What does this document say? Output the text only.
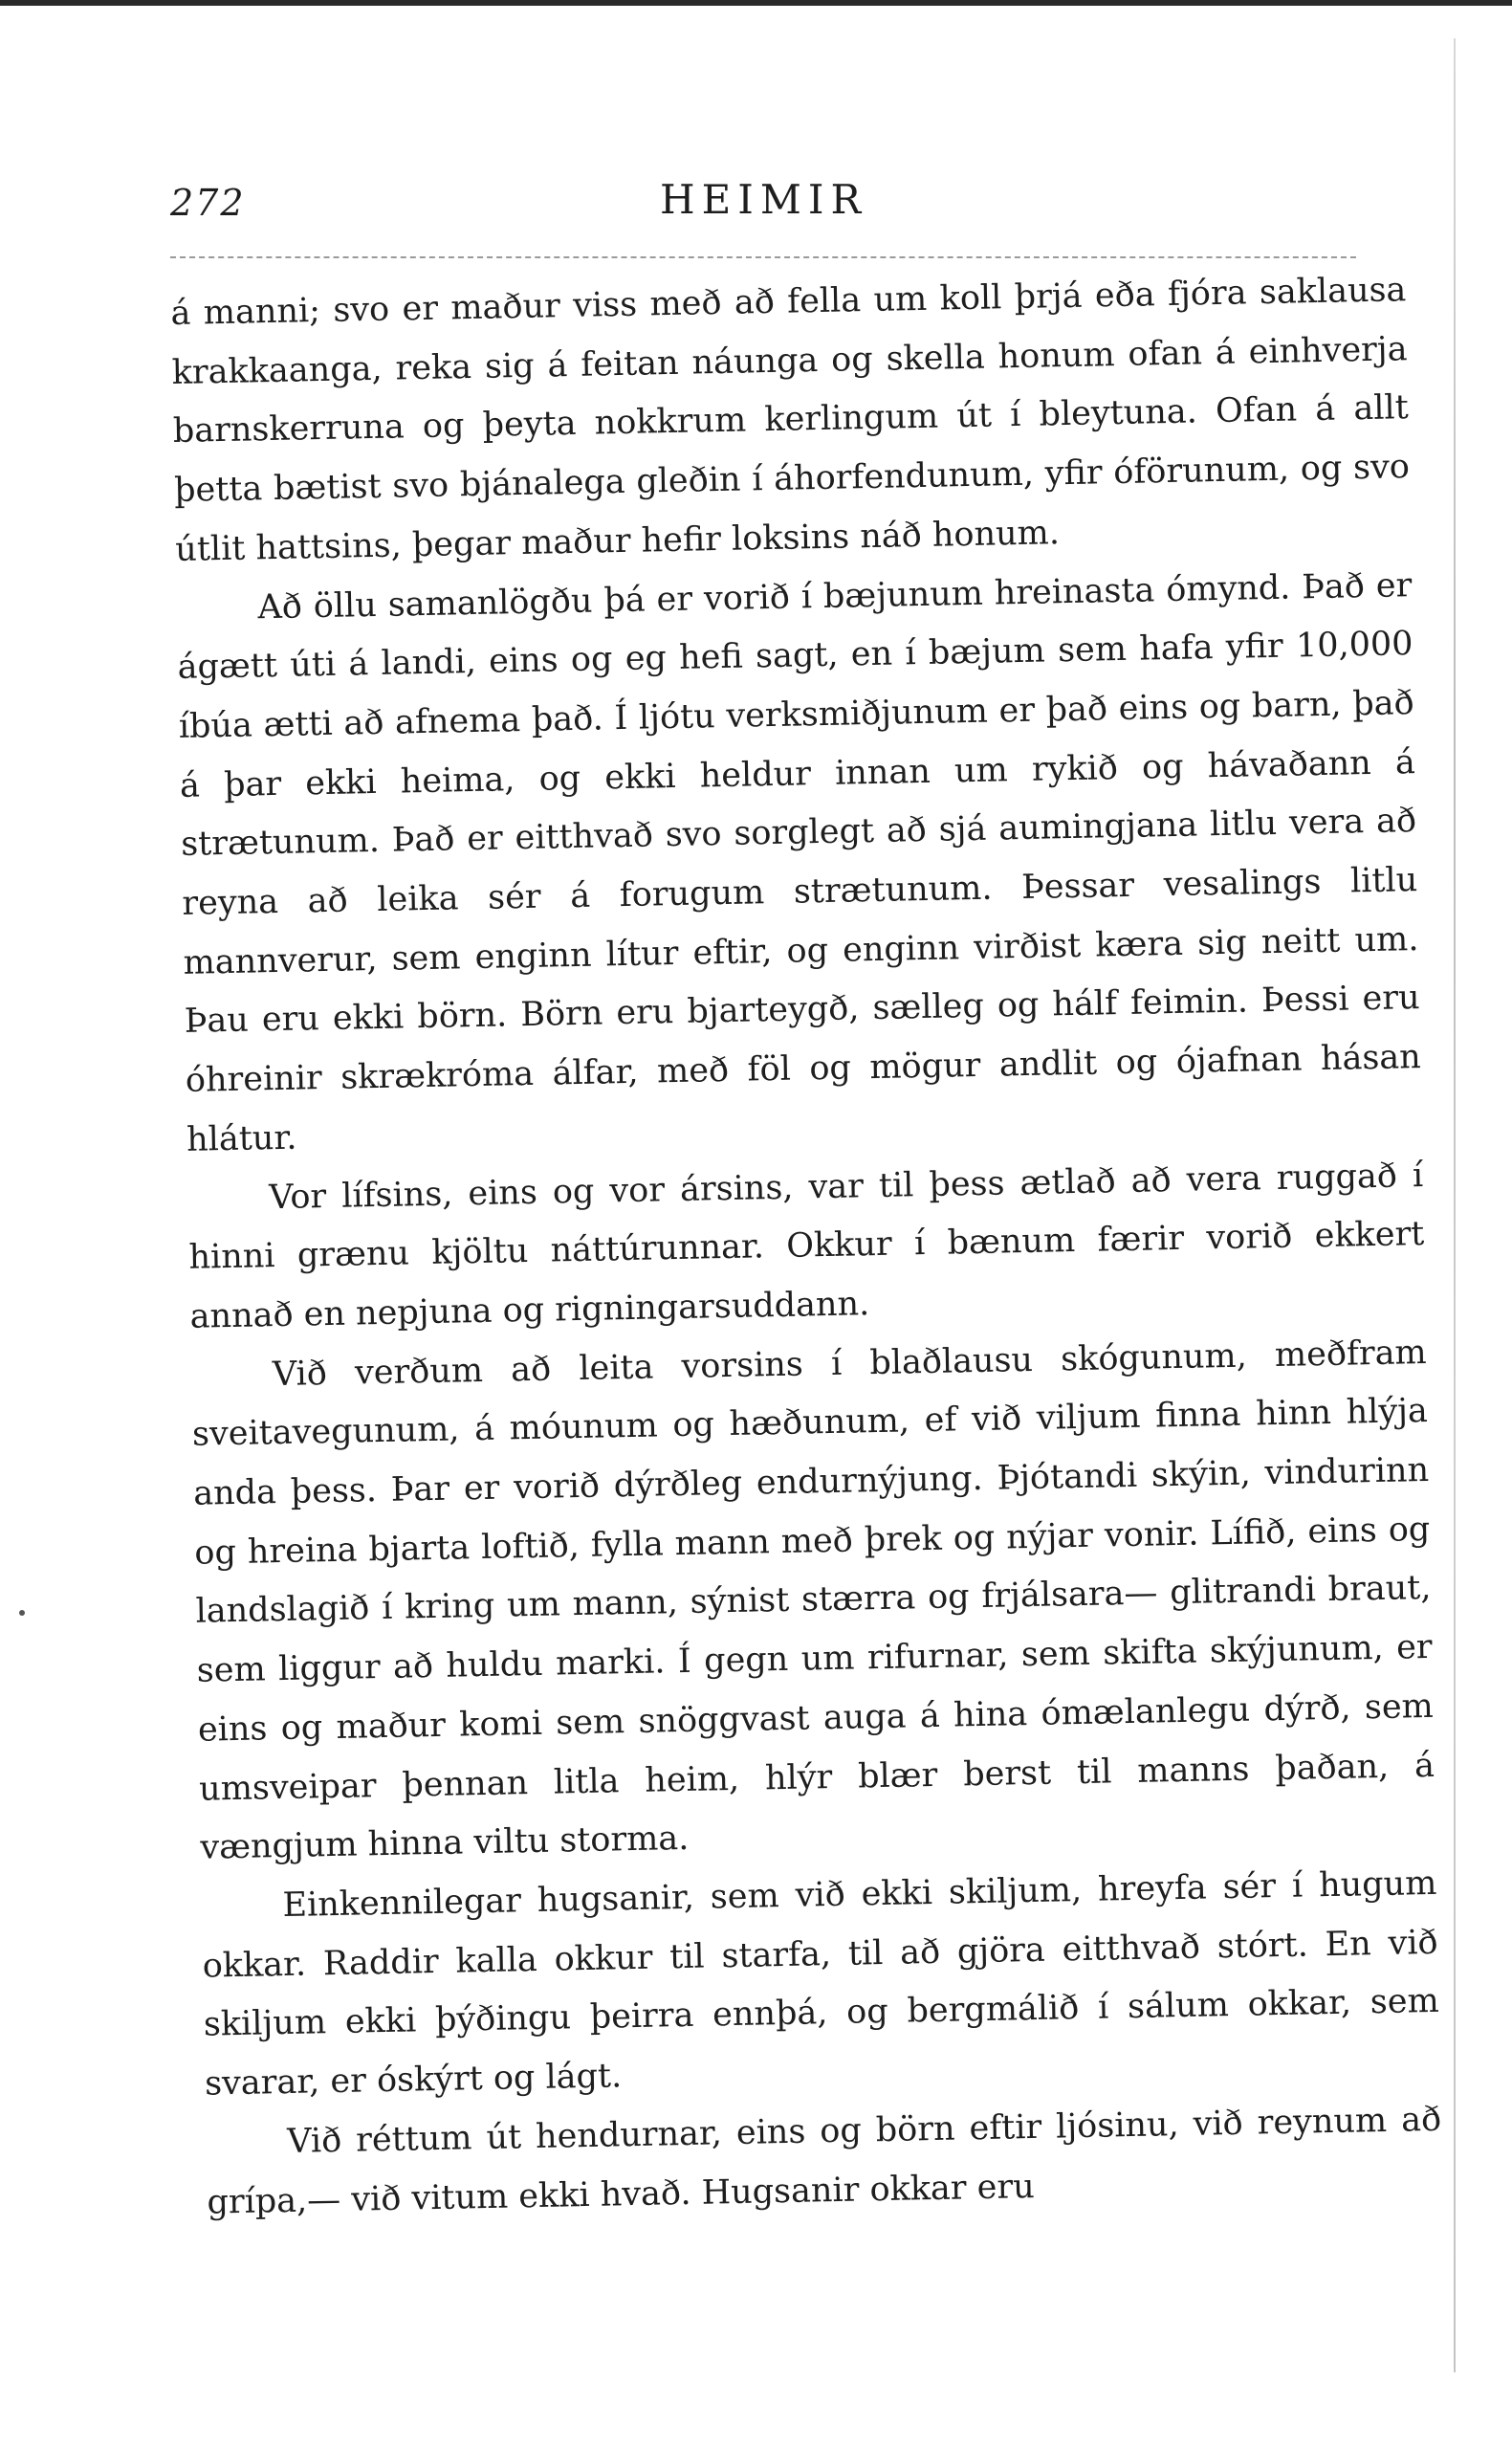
272	HEIMIR

á manni; svo er maður viss með að fella um koll þrjá eða fjóra saklausa krakkaanga, reka sig á feitan náunga og skella honum ofan á einhverja barnskerruna og þeyta nokkrum kerlingum út í bleytuna. Ofan á allt þetta bætist svo bjánalega gleðin í áhorfendunum, yfir óförunum, og svo útlit hattsins, þegar maður hefir loksins náð honum.

Að öllu samanlögðu þá er vorið í bæjunum hreinasta ómynd. Það er ágætt úti á landi, eins og eg hefi sagt, en í bæjum sem hafa yfir 10,000 íbúa ætti að afnema það. Í ljótu verksmiðjunum er það eins og barn, það á þar ekki heima, og ekki heldur innan um rykið og hávaðann á strætunum. Það er eitthvað svo sorglegt að sjá aumingjana litlu vera að reyna að leika sér á forugum strætunum. Þessar vesalings litlu mannverur, sem enginn lítur eftir, og enginn virðist kæra sig neitt um. Þau eru ekki börn. Börn eru bjarteygð, sælleg og hálf feimin. Þessi eru óhreinir skrækróma álfar, með föl og mögur andlit og ójafnan hásan hlátur.

Vor lífsins, eins og vor ársins, var til þess ætlað að vera ruggað í hinni grænu kjöltu náttúrunnar. Okkur í bænum færir vorið ekkert annað en nepjuna og rigningarsuddann.

Við verðum að leita vorsins í blaðlausu skógunum, meðfram sveitavegunum, á móunum og hæðunum, ef við viljum finna hinn hlýja anda þess. Þar er vorið dýrðleg endurnýjung. Þjótandi skýin, vindurinn og hreina bjarta loftið, fylla mann með þrek og nýjar vonir. Lífið, eins og landslagið í kring um mann, sýnist stærra og frjálsara— glitrandi braut, sem liggur að huldu marki. Í gegn um rifurnar, sem skifta skýjunum, er eins og maður komi sem snöggvast auga á hina ómælanlegu dýrð, sem umsveipar þennan litla heim, hlýr blær berst til manns þaðan, á vængjum hinna viltu storma.

Einkennilegar hugsanir, sem við ekki skiljum, hreyfa sér í hugum okkar. Raddir kalla okkur til starfa, til að gjöra eitthvað stórt. En við skiljum ekki þýðingu þeirra ennþá, og bergmálið í sálum okkar, sem svarar, er óskýrt og lágt.

Við réttum út hendurnar, eins og börn eftir ljósinu, við reynum að grípa,— við vitum ekki hvað. Hugsanir okkar eru
